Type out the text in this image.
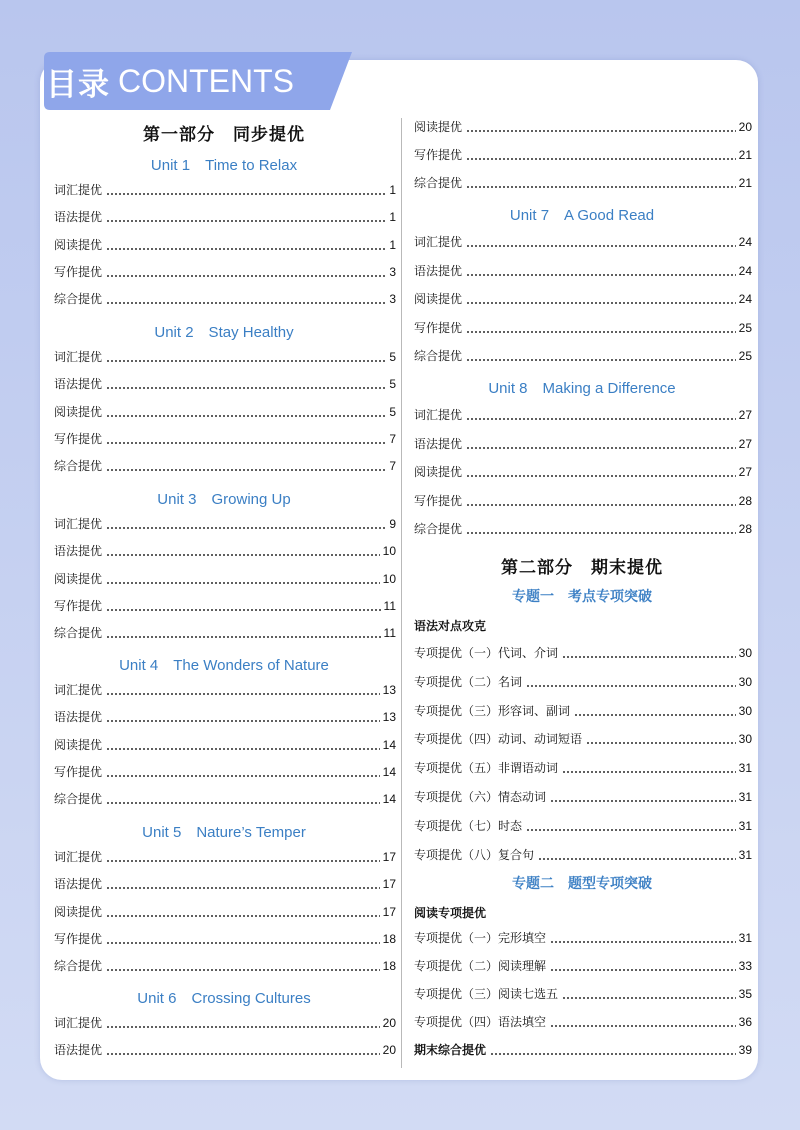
目录 CONTENTS
第一部分　同步提优
Unit 1　Time to Relax
词汇提优	1
语法提优	1
阅读提优	1
写作提优	3
综合提优	3
Unit 2　Stay Healthy
词汇提优	5
语法提优	5
阅读提优	5
写作提优	7
综合提优	7
Unit 3　Growing Up
词汇提优	9
语法提优	10
阅读提优	10
写作提优	11
综合提优	11
Unit 4　The Wonders of Nature
词汇提优	13
语法提优	13
阅读提优	14
写作提优	14
综合提优	14
Unit 5　Nature’s Temper
词汇提优	17
语法提优	17
阅读提优	17
写作提优	18
综合提优	18
Unit 6　Crossing Cultures
词汇提优	20
语法提优	20
阅读提优	20
写作提优	21
综合提优	21
Unit 7　A Good Read
词汇提优	24
语法提优	24
阅读提优	24
写作提优	25
综合提优	25
Unit 8　Making a Difference
词汇提优	27
语法提优	27
阅读提优	27
写作提优	28
综合提优	28
第二部分　期末提优
专题一　考点专项突破
语法对点攻克
专项提优（一）代词、介词	30
专项提优（二）名词	30
专项提优（三）形容词、副词	30
专项提优（四）动词、动词短语	30
专项提优（五）非谓语动词	31
专项提优（六）情态动词	31
专项提优（七）时态	31
专项提优（八）复合句	31
专题二　题型专项突破
阅读专项提优
专项提优（一）完形填空	31
专项提优（二）阅读理解	33
专项提优（三）阅读七选五	35
专项提优（四）语法填空	36
期末综合提优	39
